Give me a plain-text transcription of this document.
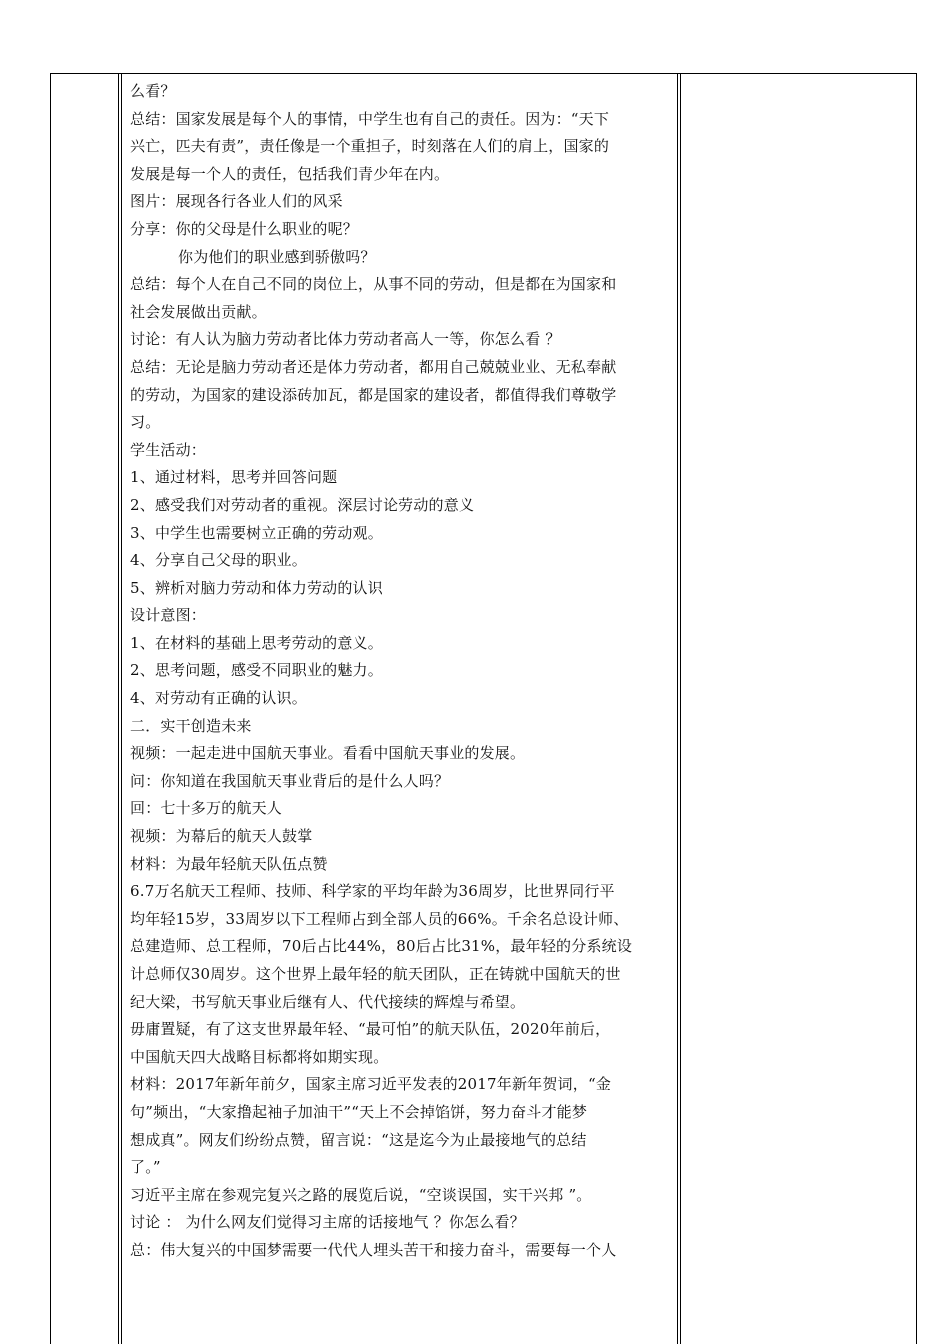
么看？
总结：国家发展是每个人的事情，中学生也有自己的责任。因为：“天下
兴亡，匹夫有责”，责任像是一个重担子，时刻落在人们的肩上，国家的
发展是每一个人的责任，包括我们青少年在内。
图片：展现各行各业人们的风采
分享：你的父母是什么职业的呢？
你为他们的职业感到骄傲吗？
总结：每个人在自己不同的岗位上，从事不同的劳动，但是都在为国家和
社会发展做出贡献。
讨论：有人认为脑力劳动者比体力劳动者高人一等，你怎么看 ？
总结：无论是脑力劳动者还是体力劳动者，都用自己兢兢业业、无私奉献
的劳动，为国家的建设添砖加瓦，都是国家的建设者，都值得我们尊敬学
习。
学生活动：
1、通过材料，思考并回答问题
2、感受我们对劳动者的重视。深层讨论劳动的意义
3、中学生也需要树立正确的劳动观。
4、分享自己父母的职业。
5、辨析对脑力劳动和体力劳动的认识
设计意图：
1、在材料的基础上思考劳动的意义。
2、思考问题，感受不同职业的魅力。
4、对劳动有正确的认识。
二．实干创造未来
视频：一起走进中国航天事业。看看中国航天事业的发展。
问：你知道在我国航天事业背后的是什么人吗？
回：七十多万的航天人
视频：为幕后的航天人鼓掌
材料：为最年轻航天队伍点赞
6.7万名航天工程师、技师、科学家的平均年龄为36周岁，比世界同行平
均年轻15岁，33周岁以下工程师占到全部人员的66%。千余名总设计师、
总建造师、总工程师，70后占比44%，80后占比31%，最年轻的分系统设
计总师仅30周岁。这个世界上最年轻的航天团队，正在铸就中国航天的世
纪大梁，书写航天事业后继有人、代代接续的辉煌与希望。
毋庸置疑，有了这支世界最年轻、“最可怕”的航天队伍，2020年前后，
中国航天四大战略目标都将如期实现。
材料：2017年新年前夕，国家主席习近平发表的2017年新年贺词，“金
句”频出，“大家撸起袖子加油干”“天上不会掉馅饼，努力奋斗才能梦
想成真”。网友们纷纷点赞，留言说：“这是迄今为止最接地气的总结
了。”
习近平主席在参观完复兴之路的展览后说，“空谈误国，实干兴邦 ”。
讨论 ： 为什么网友们觉得习主席的话接地气 ？你怎么看？
总：伟大复兴的中国梦需要一代代人埋头苦干和接力奋斗，需要每一个人
